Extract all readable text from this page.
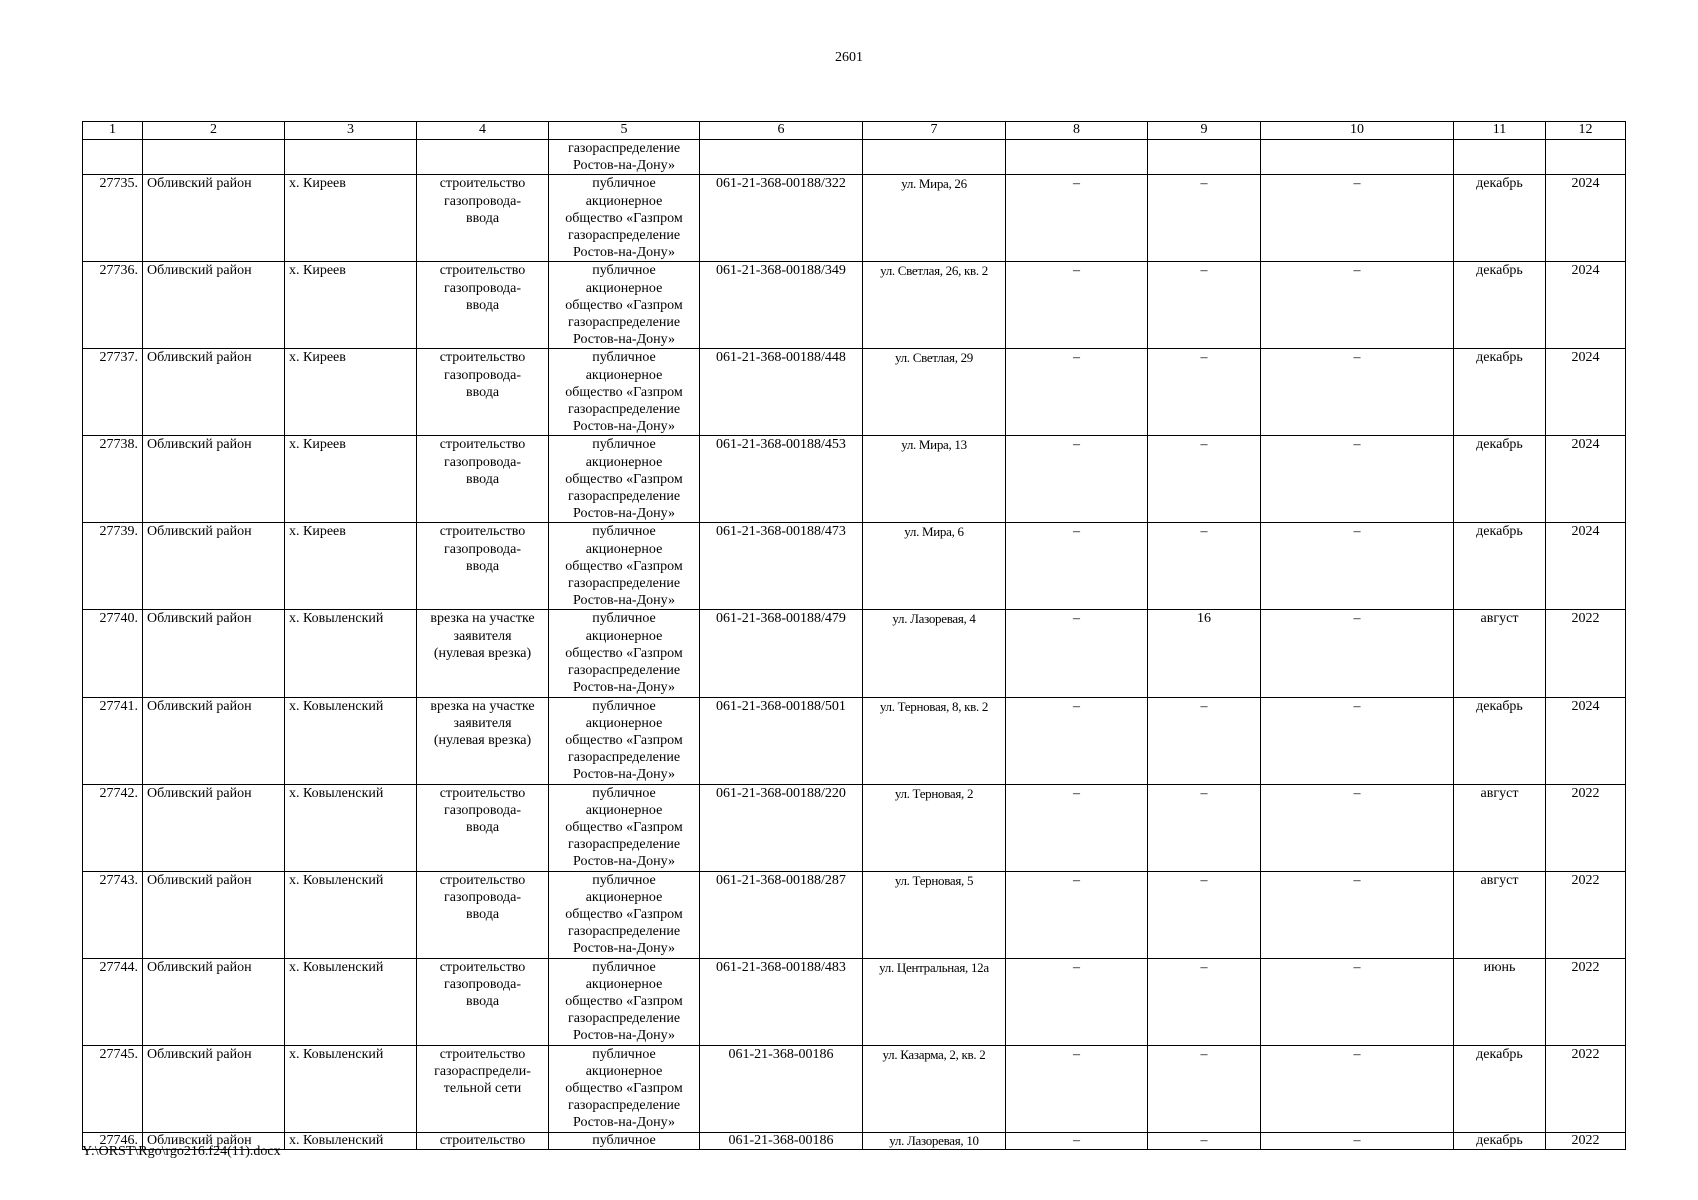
2601
1	2	3	4	5	6	7	8	9	10	11	12
				газораспределение
Ростов-на-Дону»							
27735.	Обливский район	х. Киреев	строительство
газопровода-
ввода	публичное
акционерное
общество «Газпром
газораспределение
Ростов-на-Дону»	061-21-368-00188/322	ул. Мира, 26	–	–	–	декабрь	2024
27736.	Обливский район	х. Киреев	строительство
газопровода-
ввода	публичное
акционерное
общество «Газпром
газораспределение
Ростов-на-Дону»	061-21-368-00188/349	ул. Светлая, 26, кв. 2	–	–	–	декабрь	2024
27737.	Обливский район	х. Киреев	строительство
газопровода-
ввода	публичное
акционерное
общество «Газпром
газораспределение
Ростов-на-Дону»	061-21-368-00188/448	ул. Светлая, 29	–	–	–	декабрь	2024
27738.	Обливский район	х. Киреев	строительство
газопровода-
ввода	публичное
акционерное
общество «Газпром
газораспределение
Ростов-на-Дону»	061-21-368-00188/453	ул. Мира, 13	–	–	–	декабрь	2024
27739.	Обливский район	х. Киреев	строительство
газопровода-
ввода	публичное
акционерное
общество «Газпром
газораспределение
Ростов-на-Дону»	061-21-368-00188/473	ул. Мира, 6	–	–	–	декабрь	2024
27740.	Обливский район	х. Ковыленский	врезка на участке
заявителя
(нулевая врезка)	публичное
акционерное
общество «Газпром
газораспределение
Ростов-на-Дону»	061-21-368-00188/479	ул. Лазоревая, 4	–	16	–	август	2022
27741.	Обливский район	х. Ковыленский	врезка на участке
заявителя
(нулевая врезка)	публичное
акционерное
общество «Газпром
газораспределение
Ростов-на-Дону»	061-21-368-00188/501	ул. Терновая, 8, кв. 2	–	–	–	декабрь	2024
27742.	Обливский район	х. Ковыленский	строительство
газопровода-
ввода	публичное
акционерное
общество «Газпром
газораспределение
Ростов-на-Дону»	061-21-368-00188/220	ул. Терновая, 2	–	–	–	август	2022
27743.	Обливский район	х. Ковыленский	строительство
газопровода-
ввода	публичное
акционерное
общество «Газпром
газораспределение
Ростов-на-Дону»	061-21-368-00188/287	ул. Терновая, 5	–	–	–	август	2022
27744.	Обливский район	х. Ковыленский	строительство
газопровода-
ввода	публичное
акционерное
общество «Газпром
газораспределение
Ростов-на-Дону»	061-21-368-00188/483	ул. Центральная, 12а	–	–	–	июнь	2022
27745.	Обливский район	х. Ковыленский	строительство
газораспредели-
тельной сети	публичное
акционерное
общество «Газпром
газораспределение
Ростов-на-Дону»	061-21-368-00186	ул. Казарма, 2, кв. 2	–	–	–	декабрь	2022
27746.	Обливский район	х. Ковыленский	строительство	публичное	061-21-368-00186	ул. Лазоревая, 10	–	–	–	декабрь	2022
Y:\ORST\Rgo\rgo216.f24(11).docx
